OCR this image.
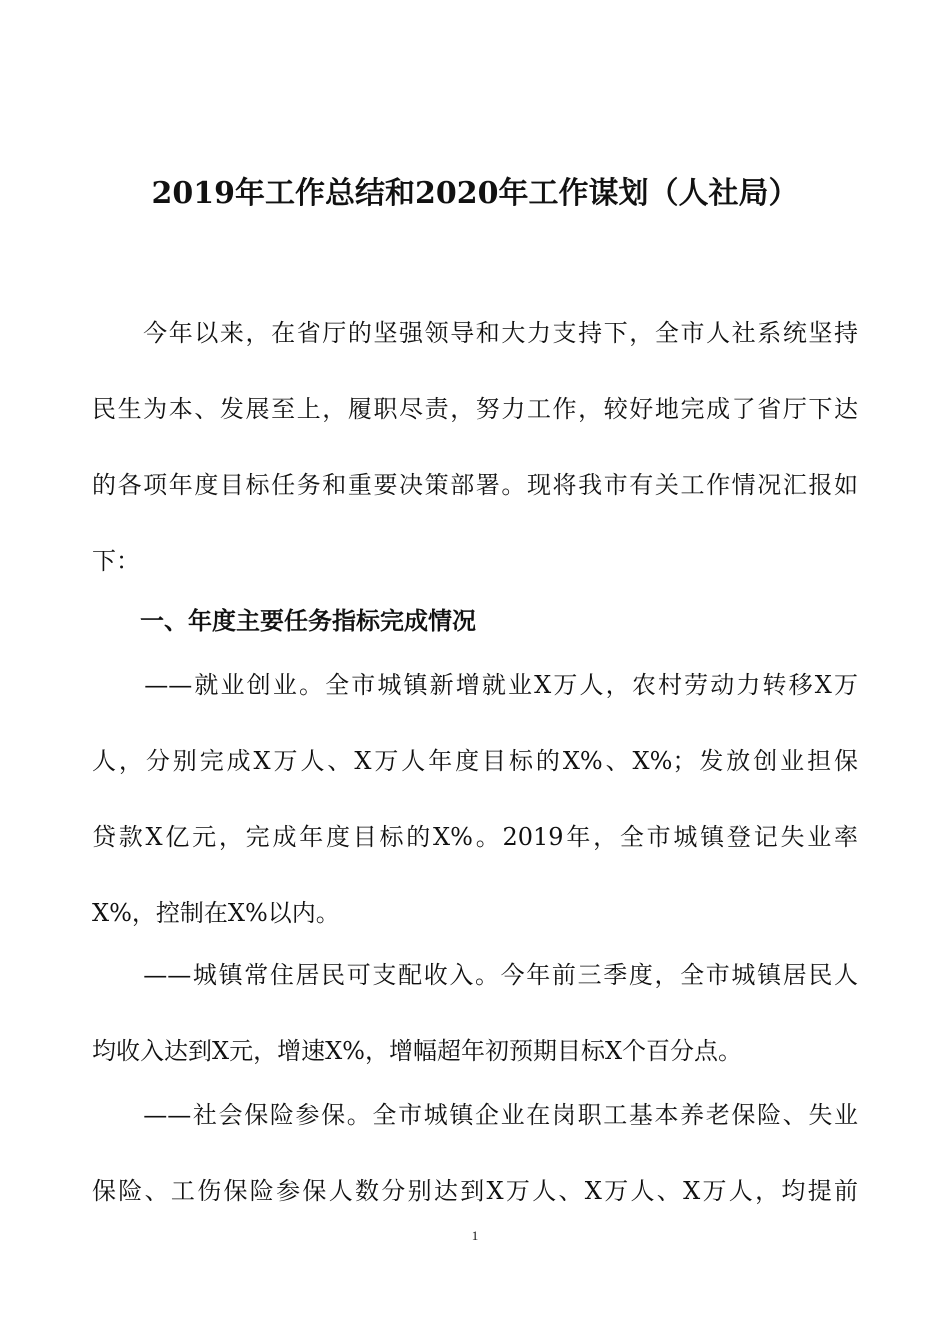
2019年工作总结和2020年工作谋划（人社局）
　　今年以来，在省厅的坚强领导和大力支持下，全市人社系统坚持
民生为本、发展至上，履职尽责，努力工作，较好地完成了省厅下达
的各项年度目标任务和重要决策部署。现将我市有关工作情况汇报如
下：
　　一、年度主要任务指标完成情况
　　——就业创业。全市城镇新增就业X万人，农村劳动力转移X万
人，分别完成X万人、X万人年度目标的X%、X%；发放创业担保
贷款X亿元，完成年度目标的X%。2019年，全市城镇登记失业率
X%，控制在X%以内。
　　——城镇常住居民可支配收入。今年前三季度，全市城镇居民人
均收入达到X元，增速X%，增幅超年初预期目标X个百分点。
　　——社会保险参保。全市城镇企业在岗职工基本养老保险、失业
保险、工伤保险参保人数分别达到X万人、X万人、X万人，均提前
1
